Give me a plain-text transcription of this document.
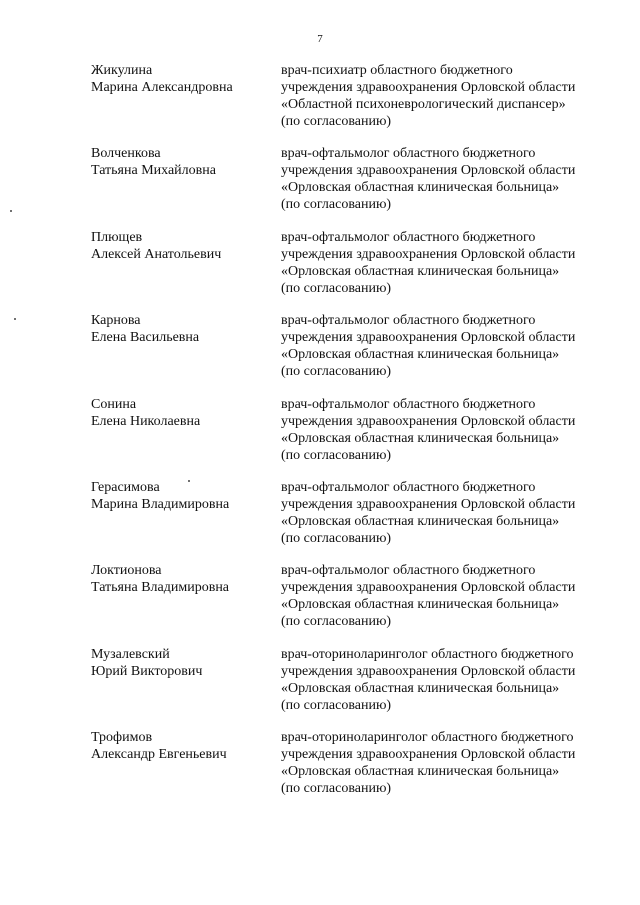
7
Жикулина
Марина Александровна
врач-психиатр областного бюджетного
учреждения здравоохранения Орловской области
«Областной психоневрологический диспансер»
(по согласованию)
Волченкова
Татьяна Михайловна
врач-офтальмолог областного бюджетного
учреждения здравоохранения Орловской области
«Орловская областная клиническая больница»
(по согласованию)
Плющев
Алексей Анатольевич
врач-офтальмолог областного бюджетного
учреждения здравоохранения Орловской области
«Орловская областная клиническая больница»
(по согласованию)
Карнова
Елена Васильевна
врач-офтальмолог областного бюджетного
учреждения здравоохранения Орловской области
«Орловская областная клиническая больница»
(по согласованию)
Сонина
Елена Николаевна
врач-офтальмолог областного бюджетного
учреждения здравоохранения Орловской области
«Орловская областная клиническая больница»
(по согласованию)
Герасимова
Марина Владимировна
врач-офтальмолог областного бюджетного
учреждения здравоохранения Орловской области
«Орловская областная клиническая больница»
(по согласованию)
Локтионова
Татьяна Владимировна
врач-офтальмолог областного бюджетного
учреждения здравоохранения Орловской области
«Орловская областная клиническая больница»
(по согласованию)
Музалевский
Юрий Викторович
врач-оториноларинголог областного бюджетного
учреждения здравоохранения Орловской области
«Орловская областная клиническая больница»
(по согласованию)
Трофимов
Александр Евгеньевич
врач-оториноларинголог областного бюджетного
учреждения здравоохранения Орловской области
«Орловская областная клиническая больница»
(по согласованию)
